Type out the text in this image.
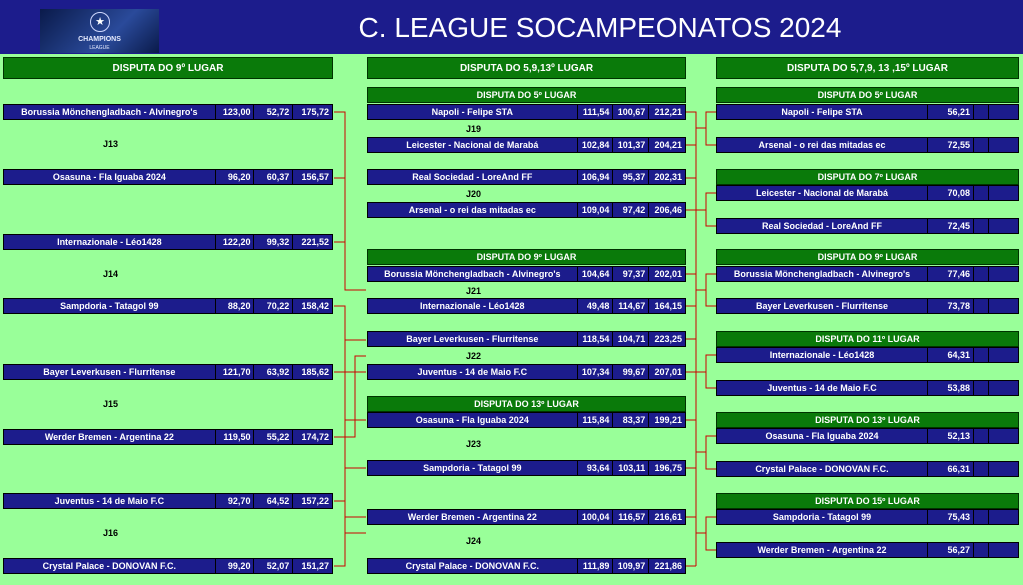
★
CHAMPIONS
LEAGUE
C. LEAGUE SOCAMPEONATOS 2024
DISPUTA DO 9º LUGAR	DISPUTA DO 5,9,13º LUGAR	DISPUTA DO 5,7,9, 13 ,15º LUGAR
Borussia Mönchengladbach - Alvinegro's	123,00	52,72	175,72
J13
Osasuna - Fla Iguaba 2024	96,20	60,37	156,57
Internazionale - Léo1428	122,20	99,32	221,52
J14
Sampdoria - Tatagol 99	88,20	70,22	158,42
Bayer Leverkusen - Flurritense	121,70	63,92	185,62
J15
Werder Bremen - Argentina 22	119,50	55,22	174,72
Juventus - 14 de Maio F.C	92,70	64,52	157,22
J16
Crystal Palace - DONOVAN F.C.	99,20	52,07	151,27
DISPUTA DO 5º LUGAR
Napoli - Felipe STA	111,54 100,67	212,21
J19
Leicester - Nacional de Marabá	102,84 101,37	204,21
Real Sociedad - LoreAnd FF	106,94	95,37	202,31
J20
Arsenal - o rei das mitadas ec	109,04	97,42	206,46
DISPUTA DO 9º LUGAR
Borussia Mönchengladbach - Alvinegro's	104,64	97,37	202,01
J21
Internazionale - Léo1428	49,48 114,67	164,15
Bayer Leverkusen - Flurritense	118,54 104,71	223,25
J22
Juventus - 14 de Maio F.C	107,34	99,67	207,01
DISPUTA DO 13º LUGAR
Osasuna - Fla Iguaba 2024	115,84	83,37	199,21
J23
Sampdoria - Tatagol 99	93,64 103,11	196,75
Werder Bremen - Argentina 22	100,04 116,57	216,61
J24
Crystal Palace - DONOVAN F.C.	111,89 109,97	221,86
DISPUTA DO 5º LUGAR
Napoli - Felipe STA	56,21
Arsenal - o rei das mitadas ec	72,55
DISPUTA DO 7º LUGAR
Leicester - Nacional de Marabá	70,08
Real Sociedad - LoreAnd FF	72,45
DISPUTA DO 9º LUGAR
Borussia Mönchengladbach - Alvinegro's	77,46
Bayer Leverkusen - Flurritense	73,78
DISPUTA DO 11º LUGAR
Internazionale - Léo1428	64,31
Juventus - 14 de Maio F.C	53,88
DISPUTA DO 13º LUGAR
Osasuna - Fla Iguaba 2024	52,13
Crystal Palace - DONOVAN F.C.	66,31
DISPUTA DO 15º LUGAR
Sampdoria - Tatagol 99	75,43
Werder Bremen - Argentina 22	56,27
